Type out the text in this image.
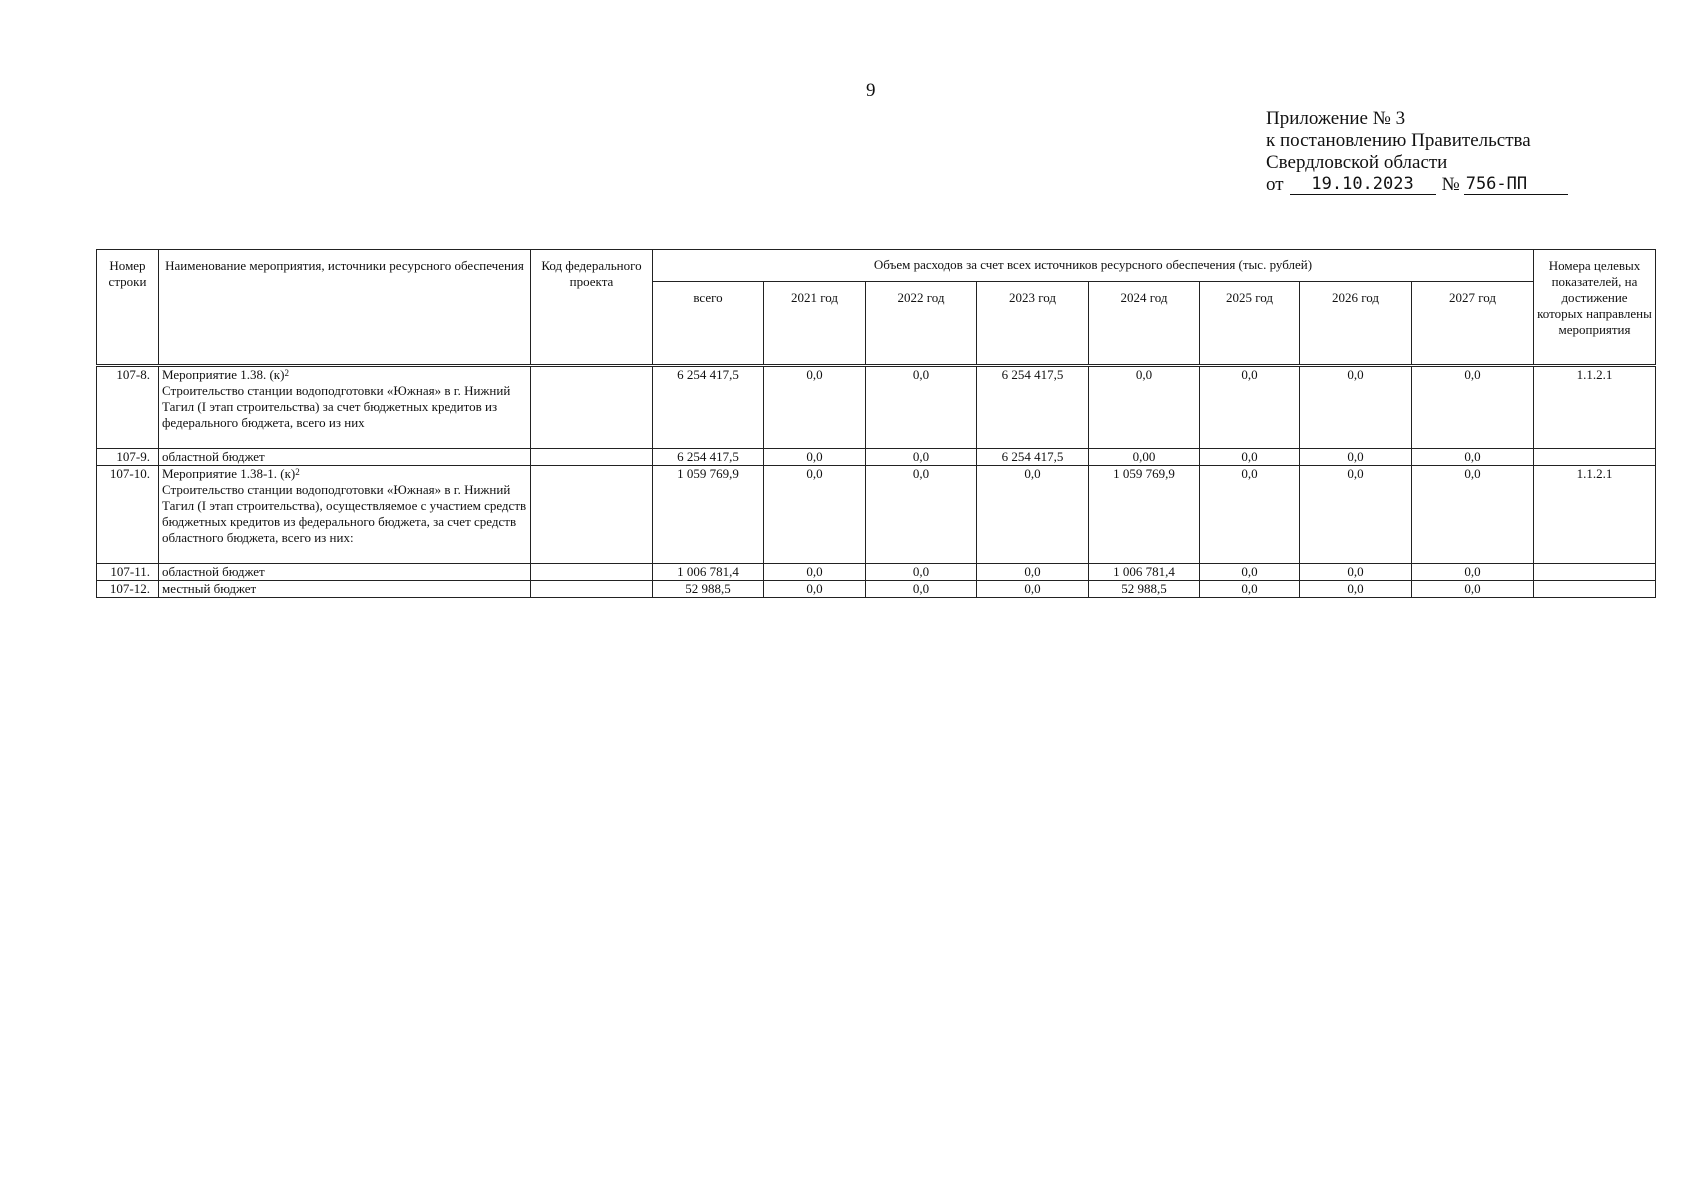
9
Приложение № 3
к постановлению Правительства
Свердловской области
от	19.10.2023	№ 756-ПП
Номер строки	Наименование мероприятия, источники ресурсного обеспечения	Код федерального проекта	Объем расходов за счет всех источников ресурсного обеспечения (тыс. рублей)								Номера целевых показателей, на достижение которых направлены мероприятия
			всего	2021 год	2022 год	2023 год	2024 год	2025 год	2026 год	2027 год	
107-8.	Мероприятие 1.38. $(к)^2$
Строительство станции водоподготовки «Южная» в г. Нижний Тагил (I этап строительства) за счет бюджетных кредитов из федерального бюджета, всего из них		6 254 417,5	0,0	0,0	6 254 417,5	0,0	0,0	0,0	0,0	1.1.2.1
107-9.	областной бюджет		6 254 417,5	0,0	0,0	6 254 417,5	0,00	0,0	0,0	0,0	
107-10.	Мероприятие 1.38-1. $(к)^2$
Строительство станции водоподготовки «Южная» в г. Нижний Тагил (I этап строительства), осуществляемое с участием средств бюджетных кредитов из федерального бюджета, за счет средств областного бюджета, всего из них:		1 059 769,9	0,0	0,0	0,0	1 059 769,9	0,0	0,0	0,0	1.1.2.1
107-11.	областной бюджет		1 006 781,4	0,0	0,0	0,0	1 006 781,4	0,0	0,0	0,0	
107-12.	местный бюджет		52 988,5	0,0	0,0	0,0	52 988,5	0,0	0,0	0,0	
